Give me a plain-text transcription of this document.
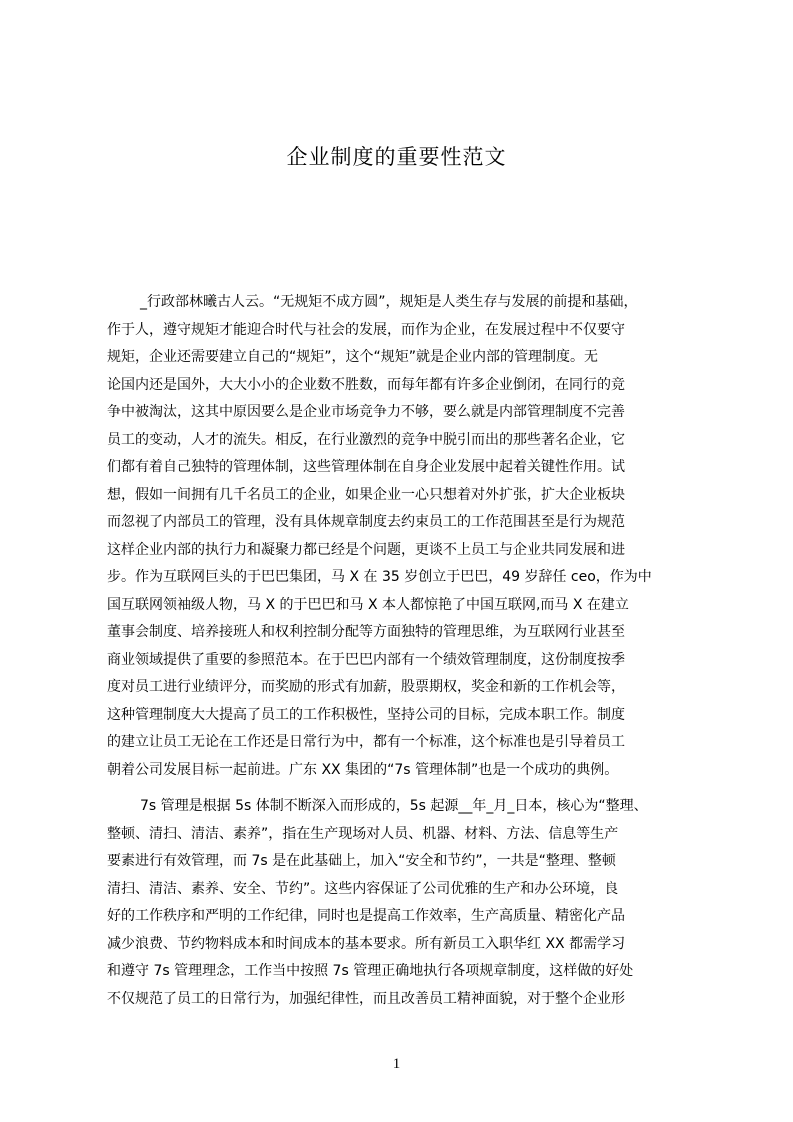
企业制度的重要性范文
_行政部林曦古人云。“无规矩不成方圆”，规矩是人类生存与发展的前提和基础，
作于人，遵守规矩才能迎合时代与社会的发展，而作为企业，在发展过程中不仅要守
规矩，企业还需要建立自己的“规矩”，这个“规矩”就是企业内部的管理制度。无
论国内还是国外，大大小小的企业数不胜数，而每年都有许多企业倒闭，在同行的竞
争中被淘汰，这其中原因要么是企业市场竞争力不够，要么就是内部管理制度不完善
员工的变动，人才的流失。相反，在行业激烈的竞争中脱引而出的那些著名企业，它
们都有着自己独特的管理体制，这些管理体制在自身企业发展中起着关键性作用。试
想，假如一间拥有几千名员工的企业，如果企业一心只想着对外扩张，扩大企业板块
而忽视了内部员工的管理，没有具体规章制度去约束员工的工作范围甚至是行为规范
这样企业内部的执行力和凝聚力都已经是个问题，更谈不上员工与企业共同发展和进
步。作为互联网巨头的于巴巴集团，马 X 在 35 岁创立于巴巴，49 岁辞任 ceo，作为中
国互联网领袖级人物，马 X 的于巴巴和马 X 本人都惊艳了中国互联网,而马 X 在建立
董事会制度、培养接班人和权利控制分配等方面独特的管理思维，为互联网行业甚至
商业领域提供了重要的参照范本。在于巴巴内部有一个绩效管理制度，这份制度按季
度对员工进行业绩评分，而奖励的形式有加薪，股票期权，奖金和新的工作机会等，
这种管理制度大大提高了员工的工作积极性，坚持公司的目标，完成本职工作。制度
的建立让员工无论在工作还是日常行为中，都有一个标准，这个标准也是引导着员工
朝着公司发展目标一起前进。广东 XX 集团的“7s 管理体制”也是一个成功的典例。
7s 管理是根据 5s 体制不断深入而形成的，5s 起源__年_月_日本，核心为“整理、
整顿、清扫、清洁、素养”，指在生产现场对人员、机器、材料、方法、信息等生产
要素进行有效管理，而 7s 是在此基础上，加入“安全和节约”，一共是“整理、整顿
清扫、清洁、素养、安全、节约”。这些内容保证了公司优雅的生产和办公环境，良
好的工作秩序和严明的工作纪律，同时也是提高工作效率，生产高质量、精密化产品
减少浪费、节约物料成本和时间成本的基本要求。所有新员工入职华红 XX 都需学习
和遵守 7s 管理理念，工作当中按照 7s 管理正确地执行各项规章制度，这样做的好处
不仅规范了员工的日常行为，加强纪律性，而且改善员工精神面貌，对于整个企业形
1
